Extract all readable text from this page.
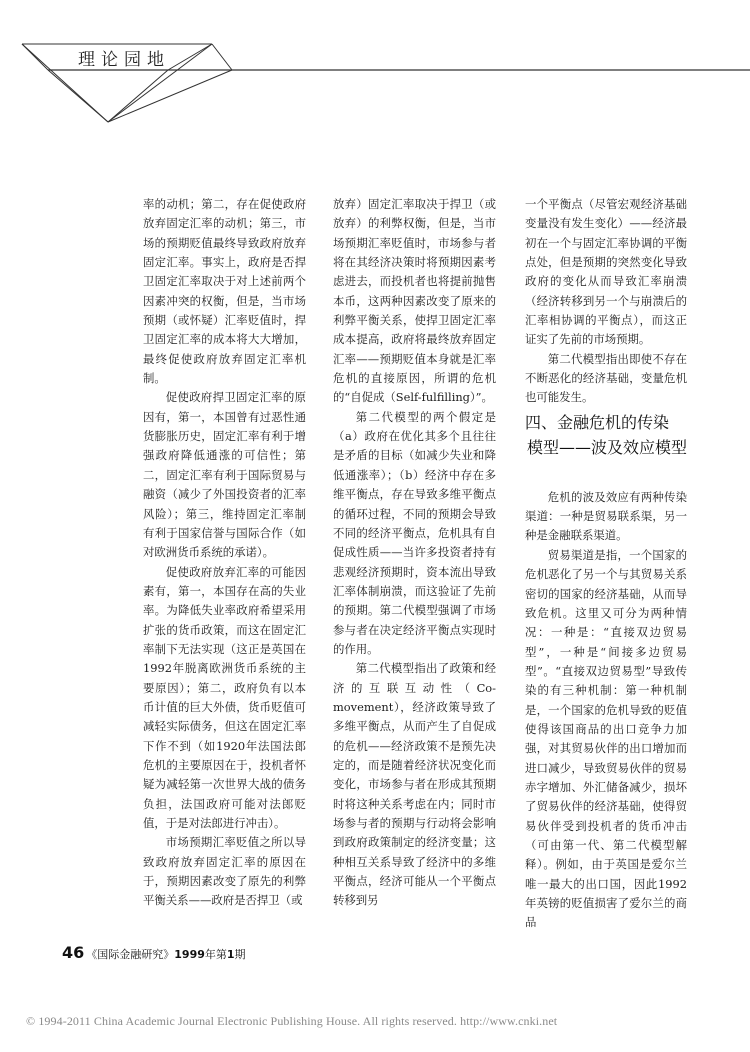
理论园地

率的动机；第二，存在促使政府放弃固定汇率的动机；第三，市场的预期贬值最终导致政府放弃固定汇率。事实上，政府是否捍卫固定汇率取决于对上述前两个因素冲突的权衡，但是，当市场预期（或怀疑）汇率贬值时，捍卫固定汇率的成本将大大增加，最终促使政府放弃固定汇率机制。

促使政府捍卫固定汇率的原因有，第一，本国曾有过恶性通货膨胀历史，固定汇率有利于增强政府降低通涨的可信性；第二，固定汇率有利于国际贸易与融资（减少了外国投资者的汇率风险）；第三，维持固定汇率制有利于国家信誉与国际合作（如对欧洲货币系统的承诺）。

促使政府放弃汇率的可能因素有，第一，本国存在高的失业率。为降低失业率政府希望采用扩张的货币政策，而这在固定汇率制下无法实现（这正是英国在1992年脱离欧洲货币系统的主要原因）；第二，政府负有以本币计值的巨大外债，货币贬值可减轻实际债务，但这在固定汇率下作不到（如1920年法国法郎危机的主要原因在于，投机者怀疑为减轻第一次世界大战的债务负担，法国政府可能对法郎贬值，于是对法郎进行冲击）。

市场预期汇率贬值之所以导致政府放弃固定汇率的原因在于，预期因素改变了原先的利弊平衡关系——政府是否捍卫（或

放弃）固定汇率取决于捍卫（或放弃）的利弊权衡，但是，当市场预期汇率贬值时，市场参与者将在其经济决策时将预期因素考虑进去，而投机者也将提前抛售本币，这两种因素改变了原来的利弊平衡关系，使捍卫固定汇率成本提高，政府将最终放弃固定汇率——预期贬值本身就是汇率危机的直接原因，所谓的危机的“自促成（Self-fulfilling）”。

第二代模型的两个假定是（a）政府在优化其多个且往往是矛盾的目标（如减少失业和降低通涨率）；（b）经济中存在多维平衡点，存在导致多维平衡点的循环过程，不同的预期会导致不同的经济平衡点，危机具有自促成性质——当许多投资者持有悲观经济预期时，资本流出导致汇率体制崩溃，而这验证了先前的预期。第二代模型强调了市场参与者在决定经济平衡点实现时的作用。

第二代模型指出了政策和经济的互联互动性（Co-movement），经济政策导致了多维平衡点，从而产生了自促成的危机——经济政策不是预先决定的，而是随着经济状况变化而变化，市场参与者在形成其预期时将这种关系考虑在内；同时市场参与者的预期与行动将会影响到政府政策制定的经济变量；这种相互关系导致了经济中的多维平衡点，经济可能从一个平衡点转移到另

一个平衡点（尽管宏观经济基础变量没有发生变化）——经济最初在一个与固定汇率协调的平衡点处，但是预期的突然变化导致政府的变化从而导致汇率崩溃（经济转移到另一个与崩溃后的汇率相协调的平衡点），而这正证实了先前的市场预期。

第二代模型指出即使不存在不断恶化的经济基础，变量危机也可能发生。

四、金融危机的传染
模型——波及效应模型

危机的波及效应有两种传染渠道：一种是贸易联系渠，另一种是金融联系渠道。

贸易渠道是指，一个国家的危机恶化了另一个与其贸易关系密切的国家的经济基础，从而导致危机。这里又可分为两种情况：一种是：“直接双边贸易型”，一种是“间接多边贸易型”。“直接双边贸易型”导致传染的有三种机制：第一种机制是，一个国家的危机导致的贬值使得该国商品的出口竞争力加强，对其贸易伙伴的出口增加而进口减少，导致贸易伙伴的贸易赤字增加、外汇储备减少，损坏了贸易伙伴的经济基础，使得贸易伙伴受到投机者的货币冲击（可由第一代、第二代模型解释）。例如，由于英国是爱尔兰唯一最大的出口国，因此1992年英镑的贬值损害了爱尔兰的商品

46 《国际金融研究》1999年第1期
© 1994-2011 China Academic Journal Electronic Publishing House. All rights reserved. http://www.cnki.net
